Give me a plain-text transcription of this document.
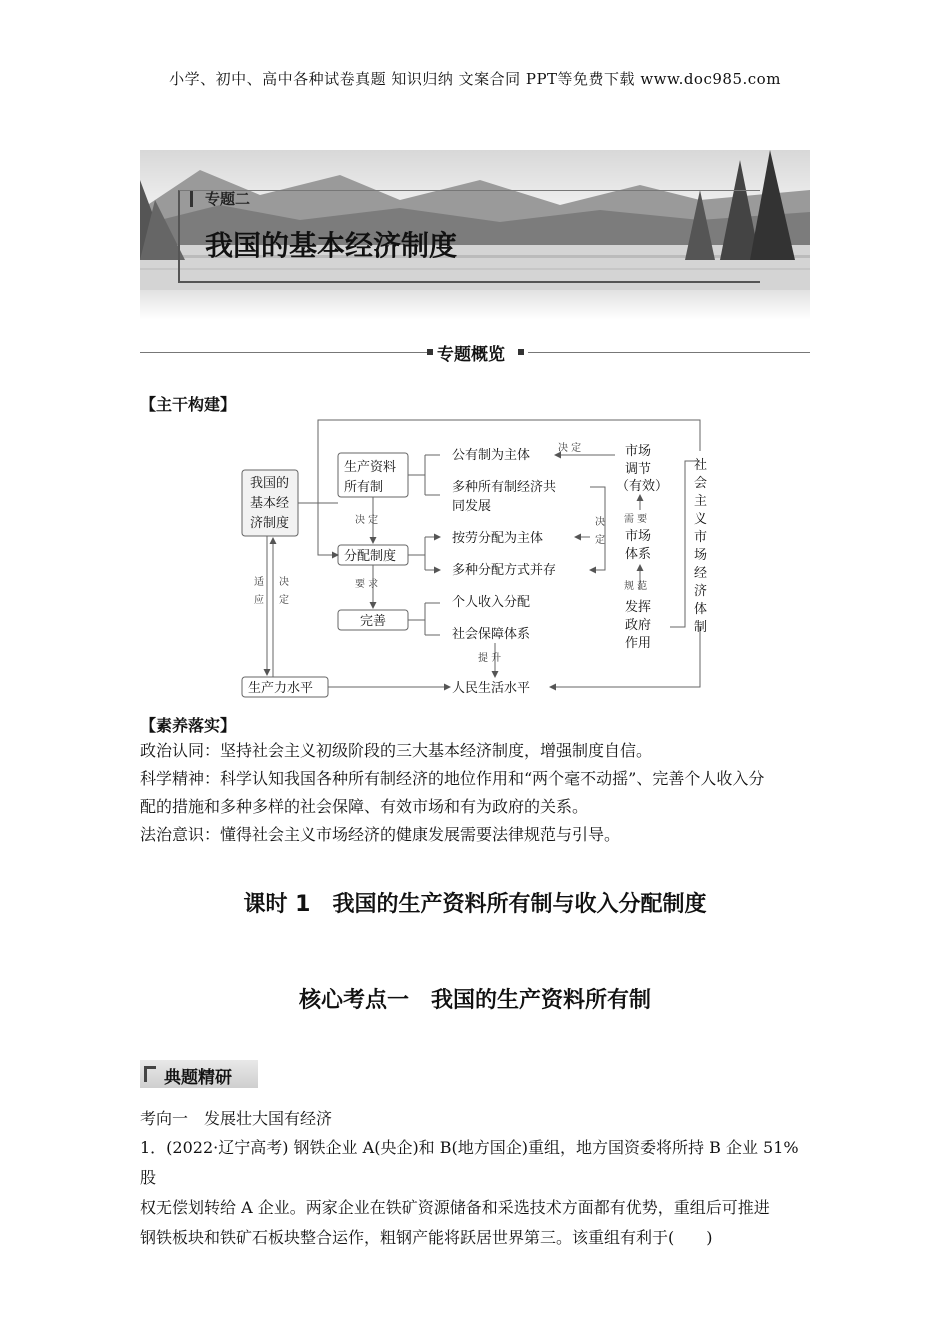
小学、初中、高中各种试卷真题 知识归纳 文案合同 PPT等免费下载 www.doc985.com
专题二
我国的基本经济制度
专题概览
【主干构建】
我国的
基本经
济制度
生产资料
所有制
分配制度
完善
生产力水平
公有制为主体
多种所有制经济共
同发展
按劳分配为主体
多种分配方式并存
个人收入分配
社会保障体系
人民生活水平
市场
调节
（有效）
市场
体系
发挥
政府
作用
社
会
主
义
市
场
经
济
体
制
决 定
决 定	决
定
要 求
适
应
决
定
需 要
规 范
提 升
【素养落实】
政治认同：坚持社会主义初级阶段的三大基本经济制度，增强制度自信。
科学精神：科学认知我国各种所有制经济的地位作用和“两个毫不动摇”、完善个人收入分
配的措施和多种多样的社会保障、有效市场和有为政府的关系。
法治意识：懂得社会主义市场经济的健康发展需要法律规范与引导。
课时 1　我国的生产资料所有制与收入分配制度
核心考点一　我国的生产资料所有制
典题精研
考向一　发展壮大国有经济
1．(2022·辽宁高考) 钢铁企业 A(央企)和 B(地方国企)重组，地方国资委将所持 B 企业 51%股
权无偿划转给 A 企业。两家企业在铁矿资源储备和采选技术方面都有优势，重组后可推进
钢铁板块和铁矿石板块整合运作，粗钢产能将跃居世界第三。该重组有利于(　　)
